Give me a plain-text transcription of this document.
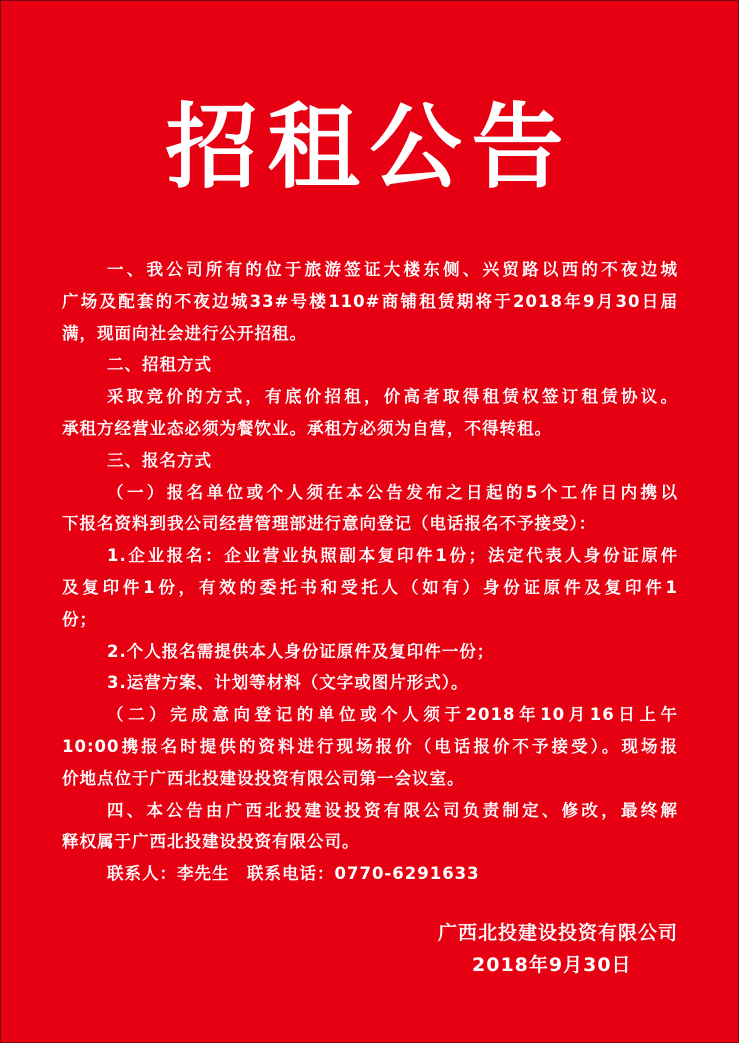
招租公告
一、我公司所有的位于旅游签证大楼东侧、兴贸路以西的不夜边城
广场及配套的不夜边城33#号楼110#商铺租赁期将于2018年9月30日届
满，现面向社会进行公开招租。
二、招租方式
采取竞价的方式，有底价招租，价高者取得租赁权签订租赁协议。
承租方经营业态必须为餐饮业。承租方必须为自营，不得转租。
三、报名方式
（一）报名单位或个人须在本公告发布之日起的5个工作日内携以
下报名资料到我公司经营管理部进行意向登记（电话报名不予接受）：
1.企业报名：企业营业执照副本复印件1份；法定代表人身份证原件
及复印件1份，有效的委托书和受托人（如有）身份证原件及复印件1
份；
2.个人报名需提供本人身份证原件及复印件一份；
3.运营方案、计划等材料（文字或图片形式）。
（二）完成意向登记的单位或个人须于2018年10月16日上午
10:00携报名时提供的资料进行现场报价（电话报价不予接受）。现场报
价地点位于广西北投建设投资有限公司第一会议室。
四、本公告由广西北投建设投资有限公司负责制定、修改，最终解
释权属于广西北投建设投资有限公司。
联系人：李先生　联系电话：0770-6291633
广西北投建设投资有限公司
2018年9月30日
